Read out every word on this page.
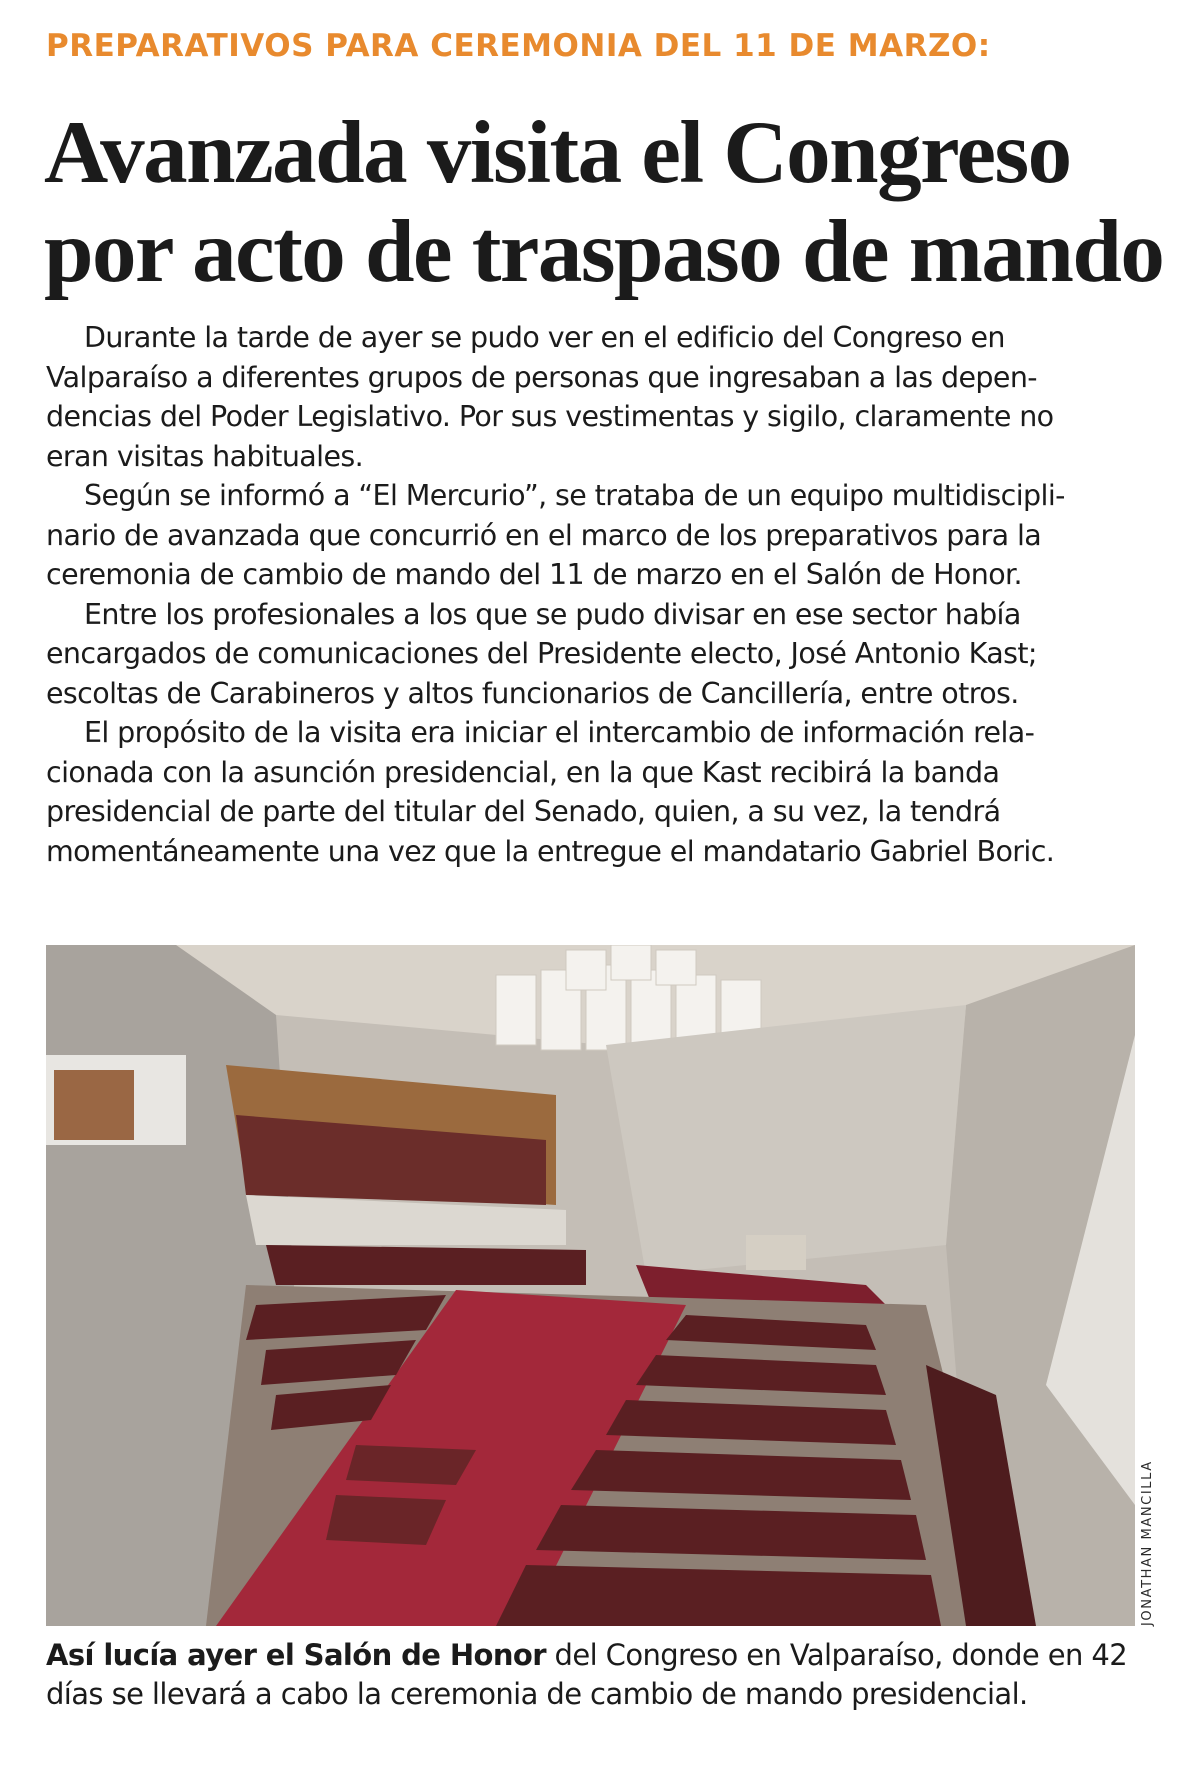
PREPARATIVOS PARA CEREMONIA DEL 11 DE MARZO:
Avanzada visita el Congreso
por acto de traspaso de mando
Durante la tarde de ayer se pudo ver en el edificio del Congreso en
Valparaíso a diferentes grupos de personas que ingresaban a las depen-
dencias del Poder Legislativo. Por sus vestimentas y sigilo, claramente no
eran visitas habituales.
Según se informó a “El Mercurio”, se trataba de un equipo multidiscipli-
nario de avanzada que concurrió en el marco de los preparativos para la
ceremonia de cambio de mando del 11 de marzo en el Salón de Honor.
Entre los profesionales a los que se pudo divisar en ese sector había
encargados de comunicaciones del Presidente electo, José Antonio Kast;
escoltas de Carabineros y altos funcionarios de Cancillería, entre otros.
El propósito de la visita era iniciar el intercambio de información rela-
cionada con la asunción presidencial, en la que Kast recibirá la banda
presidencial de parte del titular del Senado, quien, a su vez, la tendrá
momentáneamente una vez que la entregue el mandatario Gabriel Boric.
JONATHAN MANCILLA
Así lucía ayer el Salón de Honor del Congreso en Valparaíso, donde en 42
días se llevará a cabo la ceremonia de cambio de mando presidencial.
